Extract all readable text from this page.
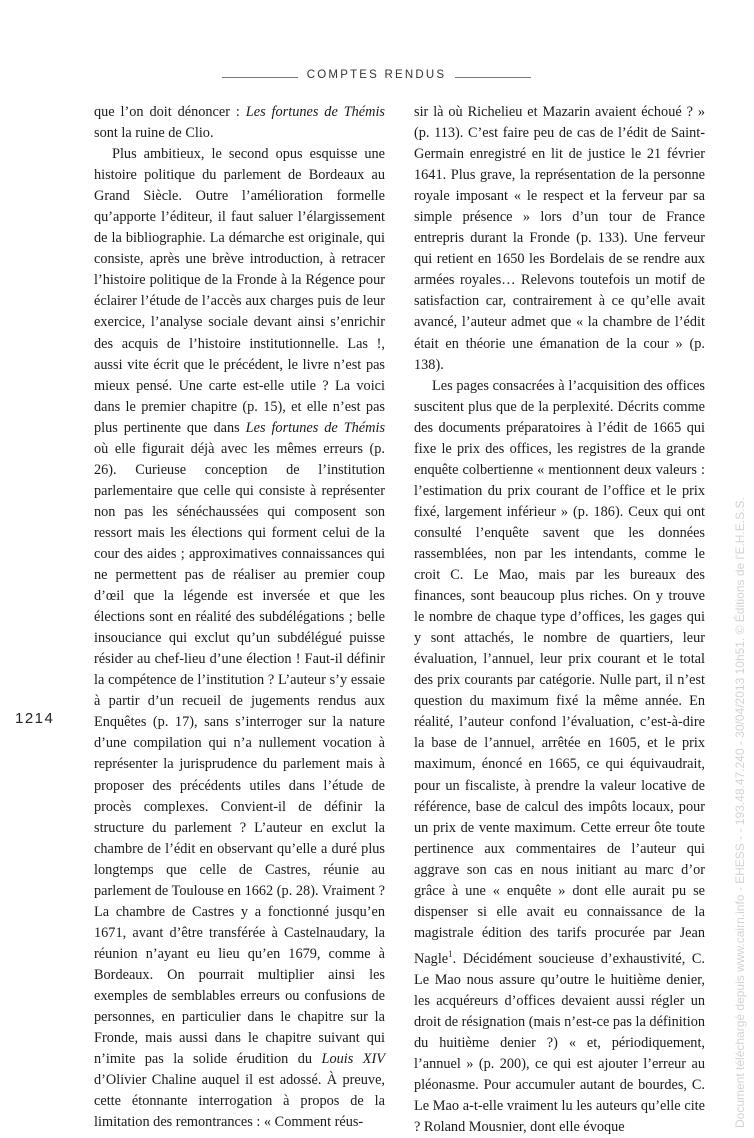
COMPTES RENDUS

que l’on doit dénoncer : Les fortunes de Thémis sont la ruine de Clio.

Plus ambitieux, le second opus esquisse une histoire politique du parlement de Bordeaux au Grand Siècle. Outre l’amélioration formelle qu’apporte l’éditeur, il faut saluer l’élargissement de la bibliographie. La démarche est originale, qui consiste, après une brève introduction, à retracer l’histoire politique de la Fronde à la Régence pour éclairer l’étude de l’accès aux charges puis de leur exercice, l’analyse sociale devant ainsi s’enrichir des acquis de l’histoire institutionnelle. Las !, aussi vite écrit que le précédent, le livre n’est pas mieux pensé. Une carte est-elle utile ? La voici dans le premier chapitre (p. 15), et elle n’est pas plus pertinente que dans Les fortunes de Thémis où elle figurait déjà avec les mêmes erreurs (p. 26). Curieuse conception de l’institution parlementaire que celle qui consiste à représenter non pas les sénéchaussées qui composent son ressort mais les élections qui forment celui de la cour des aides ; approximatives connaissances qui ne permettent pas de réaliser au premier coup d’œil que la légende est inversée et que les élections sont en réalité des subdélégations ; belle insouciance qui exclut qu’un subdélégué puisse résider au chef-lieu d’une élection ! Faut-il définir la compétence de l’institution ? L’auteur s’y essaie à partir d’un recueil de jugements rendus aux Enquêtes (p. 17), sans s’interroger sur la nature d’une compilation qui n’a nullement vocation à représenter la jurisprudence du parlement mais à proposer des précédents utiles dans l’étude de procès complexes. Convient-il de définir la structure du parlement ? L’auteur en exclut la chambre de l’édit en observant qu’elle a duré plus longtemps que celle de Castres, réunie au parlement de Toulouse en 1662 (p. 28). Vraiment ? La chambre de Castres y a fonctionné jusqu’en 1671, avant d’être transférée à Castelnaudary, la réunion n’ayant eu lieu qu’en 1679, comme à Bordeaux. On pourrait multiplier ainsi les exemples de semblables erreurs ou confusions de personnes, en particulier dans le chapitre sur la Fronde, mais aussi dans le chapitre suivant qui n’imite pas la solide érudition du Louis XIV d’Olivier Chaline auquel il est adossé. À preuve, cette étonnante interrogation à propos de la limitation des remontrances : « Comment réus-

sir là où Richelieu et Mazarin avaient échoué ? » (p. 113). C’est faire peu de cas de l’édit de Saint-Germain enregistré en lit de justice le 21 février 1641. Plus grave, la représentation de la personne royale imposant « le respect et la ferveur par sa simple présence » lors d’un tour de France entrepris durant la Fronde (p. 133). Une ferveur qui retient en 1650 les Bordelais de se rendre aux armées royales… Relevons toutefois un motif de satisfaction car, contrairement à ce qu’elle avait avancé, l’auteur admet que « la chambre de l’édit était en théorie une émanation de la cour » (p. 138).

Les pages consacrées à l’acquisition des offices suscitent plus que de la perplexité. Décrits comme des documents préparatoires à l’édit de 1665 qui fixe le prix des offices, les registres de la grande enquête colbertienne « mentionnent deux valeurs : l’estimation du prix courant de l’office et le prix fixé, largement inférieur » (p. 186). Ceux qui ont consulté l’enquête savent que les données rassemblées, non par les intendants, comme le croit C. Le Mao, mais par les bureaux des finances, sont beaucoup plus riches. On y trouve le nombre de chaque type d’offices, les gages qui y sont attachés, le nombre de quartiers, leur évaluation, l’annuel, leur prix courant et le total des prix courants par catégorie. Nulle part, il n’est question du maximum fixé la même année. En réalité, l’auteur confond l’évaluation, c’est-à-dire la base de l’annuel, arrêtée en 1605, et le prix maximum, énoncé en 1665, ce qui équivaudrait, pour un fiscaliste, à prendre la valeur locative de référence, base de calcul des impôts locaux, pour un prix de vente maximum. Cette erreur ôte toute pertinence aux commentaires de l’auteur qui aggrave son cas en nous initiant au marc d’or grâce à une « enquête » dont elle aurait pu se dispenser si elle avait eu connaissance de la magistrale édition des tarifs procurée par Jean Nagle$^1$. Décidément soucieuse d’exhaustivité, C. Le Mao nous assure qu’outre le huitième denier, les acquéreurs d’offices devaient aussi régler un droit de résignation (mais n’est-ce pas la définition du huitième denier ?) « et, périodiquement, l’annuel » (p. 200), ce qui est ajouter l’erreur au pléonasme. Pour accumuler autant de bourdes, C. Le Mao a-t-elle vraiment lu les auteurs qu’elle cite ? Roland Mousnier, dont elle évoque

1214	Document téléchargé depuis www.cairn.info - EHESS - - 193.48.47.240 - 30/04/2013 10h51. © Éditions de l'E.H.E.S.S.
